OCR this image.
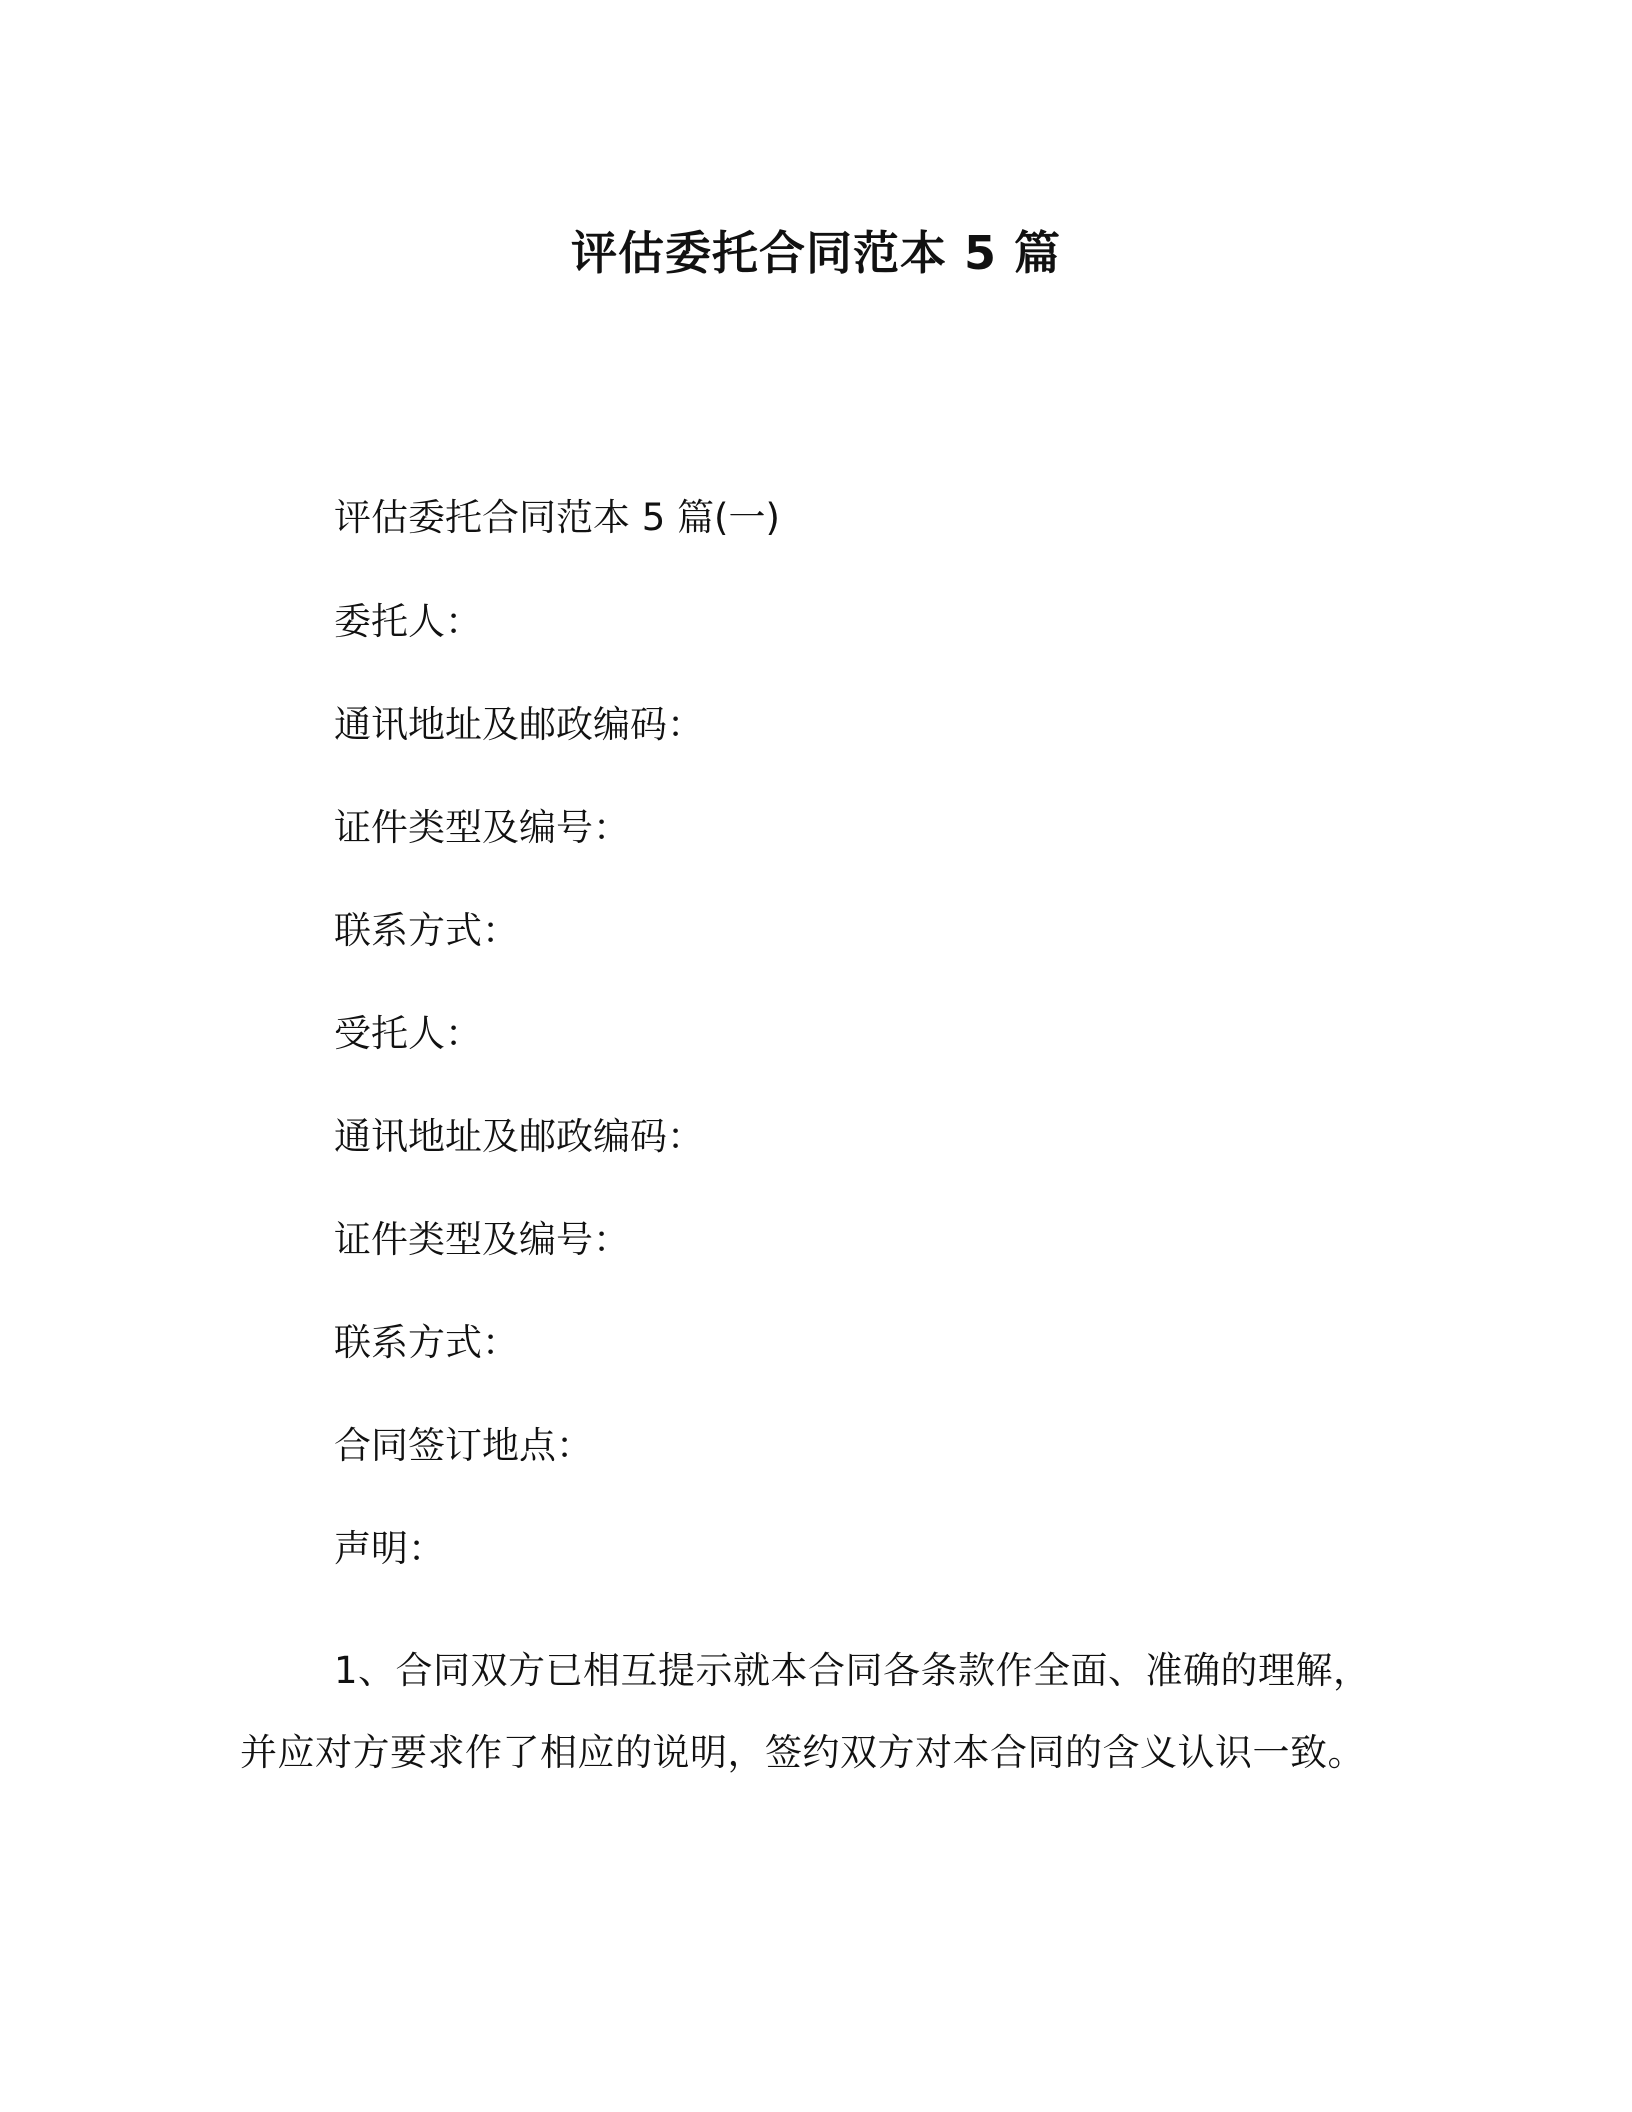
评估委托合同范本 5 篇
评估委托合同范本 5 篇(一)
委托人：
通讯地址及邮政编码：
证件类型及编号：
联系方式：
受托人：
通讯地址及邮政编码：
证件类型及编号：
联系方式：
合同签订地点：
声明：
1、合同双方已相互提示就本合同各条款作全面、准确的理解，并应对方要求作了相应的说明，签约双方对本合同的含义认识一致。
